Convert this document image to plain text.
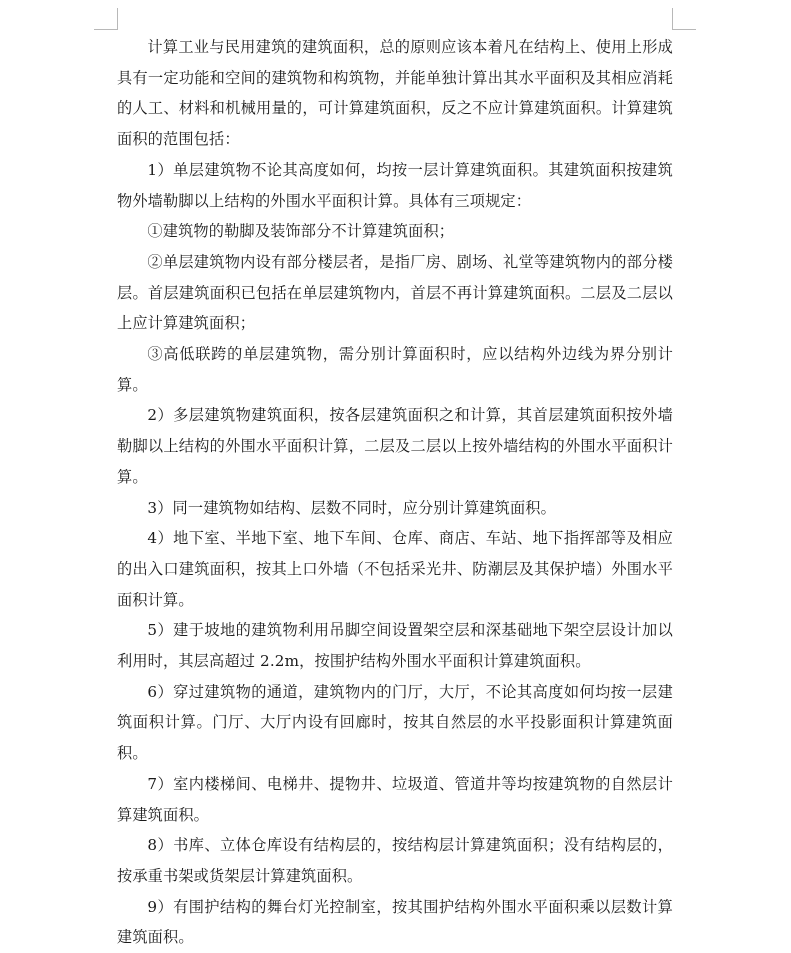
计算工业与民用建筑的建筑面积，总的原则应该本着凡在结构上、使用上形成具有一定功能和空间的建筑物和构筑物，并能单独计算出其水平面积及其相应消耗的人工、材料和机械用量的，可计算建筑面积，反之不应计算建筑面积。计算建筑面积的范围包括：

1）单层建筑物不论其高度如何，均按一层计算建筑面积。其建筑面积按建筑物外墙勒脚以上结构的外围水平面积计算。具体有三项规定：

①建筑物的勒脚及装饰部分不计算建筑面积；

②单层建筑物内设有部分楼层者，是指厂房、剧场、礼堂等建筑物内的部分楼层。首层建筑面积已包括在单层建筑物内，首层不再计算建筑面积。二层及二层以上应计算建筑面积；

③高低联跨的单层建筑物，需分别计算面积时，应以结构外边线为界分别计算。

2）多层建筑物建筑面积，按各层建筑面积之和计算，其首层建筑面积按外墙勒脚以上结构的外围水平面积计算，二层及二层以上按外墙结构的外围水平面积计算。

3）同一建筑物如结构、层数不同时，应分别计算建筑面积。

4）地下室、半地下室、地下车间、仓库、商店、车站、地下指挥部等及相应的出入口建筑面积，按其上口外墙（不包括采光井、防潮层及其保护墙）外围水平面积计算。

5）建于坡地的建筑物利用吊脚空间设置架空层和深基础地下架空层设计加以利用时，其层高超过 2.2m，按围护结构外围水平面积计算建筑面积。

6）穿过建筑物的通道，建筑物内的门厅，大厅，不论其高度如何均按一层建筑面积计算。门厅、大厅内设有回廊时，按其自然层的水平投影面积计算建筑面积。

7）室内楼梯间、电梯井、提物井、垃圾道、管道井等均按建筑物的自然层计算建筑面积。

8）书库、立体仓库设有结构层的，按结构层计算建筑面积；没有结构层的，按承重书架或货架层计算建筑面积。

9）有围护结构的舞台灯光控制室，按其围护结构外围水平面积乘以层数计算建筑面积。
